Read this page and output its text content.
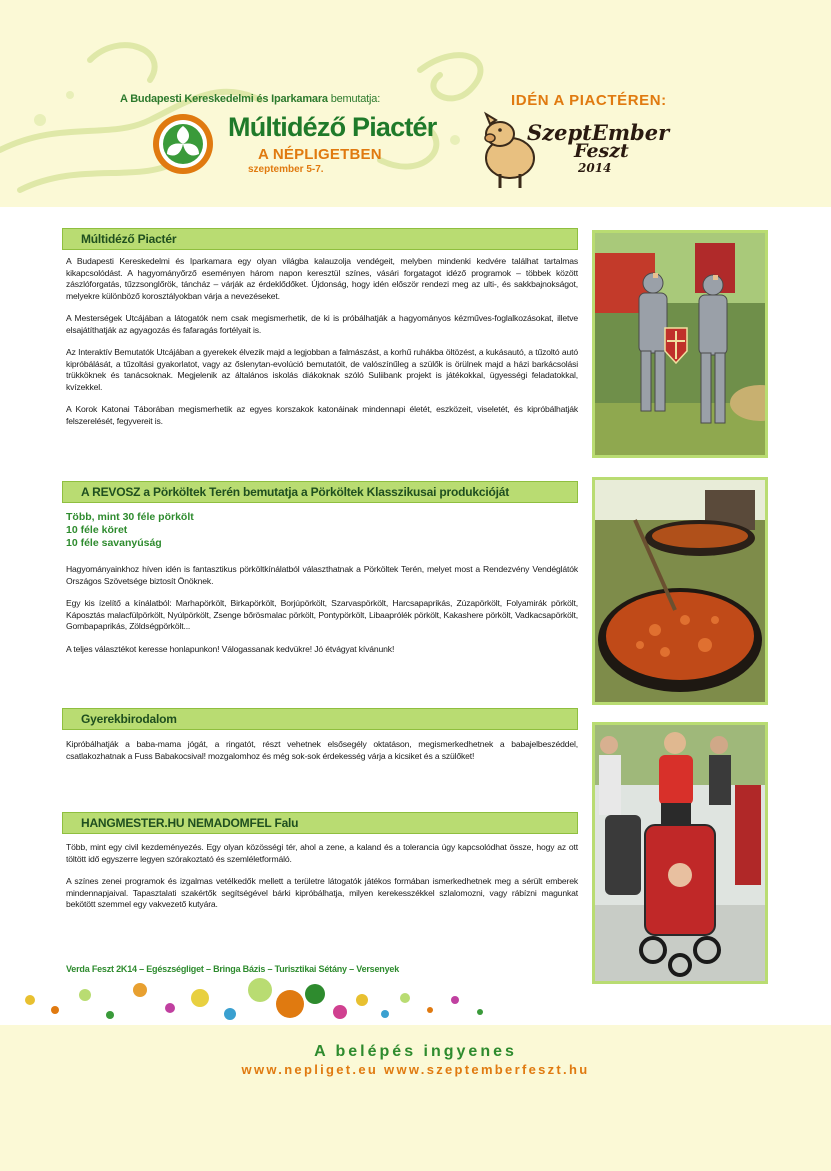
A Budapesti Kereskedelmi és Iparkamara bemutatja:
Múltidéző Piactér
A NÉPLIGETBEN
szeptember 5-7.
IDÉN A PIACTÉREN:
SzeptEmber
Feszt
2014
Múltidéző Piactér

A Budapesti Kereskedelmi és Iparkamara egy olyan világba kalauzolja vendégeit, melyben mindenki kedvére találhat tartalmas kikapcsolódást. A hagyományőrző eseményen három napon keresztül színes, vásári forgatagot idéző programok – többek között zászlóforgatás, tűzzsonglőrök, táncház – várják az érdeklődőket. Újdonság, hogy idén először rendezi meg az ulti-, és sakkbajnokságot, melyekre különböző korosztályokban várja a nevezéseket.

A Mesterségek Utcájában a látogatók nem csak megismerhetik, de ki is próbálhatják a hagyományos kézműves-foglalkozásokat, illetve elsajátíthatják az agyagozás és fafaragás fortélyait is.

Az Interaktív Bemutatók Utcájában a gyerekek élvezik majd a legjobban a falmászást, a korhű ruhákba öltözést, a kukásautó, a tűzoltó autó kipróbálását, a tűzoltási gyakorlatot, vagy az őslenytan-evolúció bemutatóit, de valószínűleg a szülők is örülnek majd a házi barkácsolási trükköknek és tanácsoknak. Megjelenik az általános iskolás diákoknak szóló Suliibank projekt is játékokkal, ügyességi feladatokkal, kvízekkel.

A Korok Katonai Táborában megismerhetik az egyes korszakok katonáinak mindennapi életét, eszközeit, viseletét, és kipróbálhatják felszerelését, fegyvereit is.

A REVOSZ a Pörköltek Terén bemutatja a Pörköltek Klasszikusai produkcióját
Több, mint 30 féle pörkölt
10 féle köret
10 féle savanyúság

Hagyományainkhoz híven idén is fantasztikus pörköltkínálatból választhatnak a Pörköltek Terén, melyet most a Rendezvény Vendéglátók Országos Szövetsége biztosít Önöknek.

Egy kis ízelítő a kínálatból: Marhapörkölt, Birkapörkölt, Borjúpörkölt, Szarvaspörkölt, Harcsapaprikás, Zúzapörkölt, Folyamirák pörkölt, Káposztás malacfülpörkölt, Nyúlpörkölt, Zsenge bőrösmalac pörkölt, Pontypörkölt, Libaaprólék pörkölt, Kakashere pörkölt, Vadkacsapörkölt, Gombapaprikás, Zöldségpörkölt...

A teljes választékot keresse honlapunkon! Válogassanak kedvükre! Jó étvágyat kívánunk!

Gyerekbirodalom

Kipróbálhatják a baba-mama jógát, a ringatót, részt vehetnek elsősegély oktatáson, megismerkedhetnek a babajelbeszéddel, csatlakozhatnak a Fuss Babakocsival! mozgalomhoz és még sok-sok érdekesség várja a kicsiket és a szülőket!

HANGMESTER.HU NEMADOMFEL Falu

Több, mint egy civil kezdeményezés. Egy olyan közösségi tér, ahol a zene, a kaland és a tolerancia úgy kapcsolódhat össze, hogy az ott töltött idő egyszerre legyen szórakoztató és szemléletformáló.

A színes zenei programok és izgalmas vetélkedők mellett a területre látogatók játékos formában ismerkedhetnek meg a sérült emberek mindennapjaival. Tapasztalati szakértők segítségével bárki kipróbálhatja, milyen kerekesszékkel szlalomozni, vagy rábízni magunkat bekötött szemmel egy vakvezető kutyára.

Verda Feszt 2K14 – Egészségliget – Bringa Bázis – Turisztikai Sétány – Versenyek
A belépés ingyenes
www.nepliget.eu www.szeptemberfeszt.hu
